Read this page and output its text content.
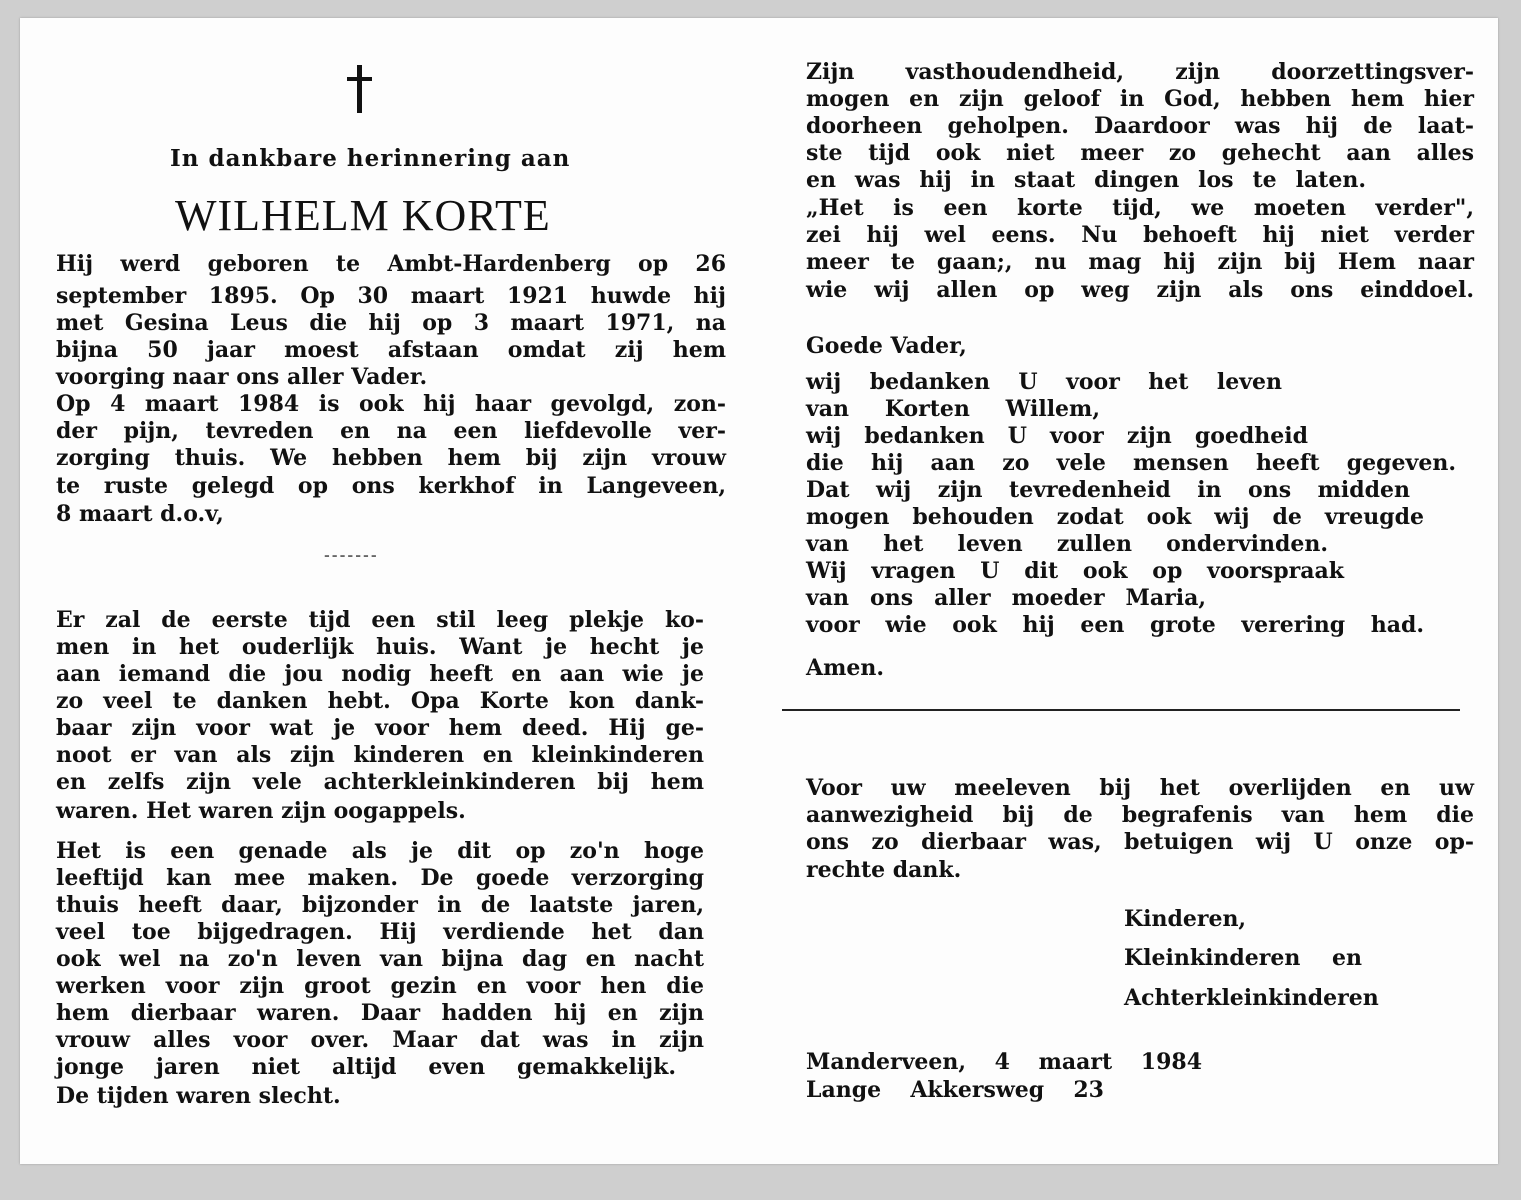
In dankbare herinnering aan
WILHELM KORTE
Hij werd geboren te Ambt-Hardenberg op 26
september 1895. Op 30 maart 1921 huwde hij
met Gesina Leus die hij op 3 maart 1971, na
bijna 50 jaar moest afstaan omdat zij hem
voorging naar ons aller Vader.
Op 4 maart 1984 is ook hij haar gevolgd, zon-
der pijn, tevreden en na een liefdevolle ver-
zorging thuis. We hebben hem bij zijn vrouw
te ruste gelegd op ons kerkhof in Langeveen,
8 maart d.o.v,
Er zal de eerste tijd een stil leeg plekje ko-
men in het ouderlijk huis. Want je hecht je
aan iemand die jou nodig heeft en aan wie je
zo veel te danken hebt. Opa Korte kon dank-
baar zijn voor wat je voor hem deed. Hij ge-
noot er van als zijn kinderen en kleinkinderen
en zelfs zijn vele achterkleinkinderen bij hem
waren. Het waren zijn oogappels.
Het is een genade als je dit op zo'n hoge
leeftijd kan mee maken. De goede verzorging
thuis heeft daar, bijzonder in de laatste jaren,
veel toe bijgedragen. Hij verdiende het dan
ook wel na zo'n leven van bijna dag en nacht
werken voor zijn groot gezin en voor hen die
hem dierbaar waren. Daar hadden hij en zijn
vrouw alles voor over. Maar dat was in zijn
jonge jaren niet altijd even gemakkelijk.
De tijden waren slecht.
-------
Zijn vasthoudendheid, zijn doorzettingsver-
mogen en zijn geloof in God, hebben hem hier
doorheen geholpen. Daardoor was hij de laat-
ste tijd ook niet meer zo gehecht aan alles
en was hij in staat dingen los te laten.
„Het is een korte tijd, we moeten verder",
zei hij wel eens. Nu behoeft hij niet verder
meer te gaan;, nu mag hij zijn bij Hem naar
wie wij allen op weg zijn als ons einddoel.
Goede Vader,
wij bedanken U voor het leven
van Korten Willem,
wij bedanken U voor zijn goedheid
die hij aan zo vele mensen heeft gegeven.
Dat wij zijn tevredenheid in ons midden
mogen behouden zodat ook wij de vreugde
van het leven zullen ondervinden.
Wij vragen U dit ook op voorspraak
van ons aller moeder Maria,
voor wie ook hij een grote verering had.
Amen.
Voor uw meeleven bij het overlijden en uw
aanwezigheid bij de begrafenis van hem die
ons zo dierbaar was, betuigen wij U onze op-
rechte dank.
Kinderen,
Kleinkinderen en
Achterkleinkinderen
Manderveen, 4 maart 1984
Lange Akkersweg 23
